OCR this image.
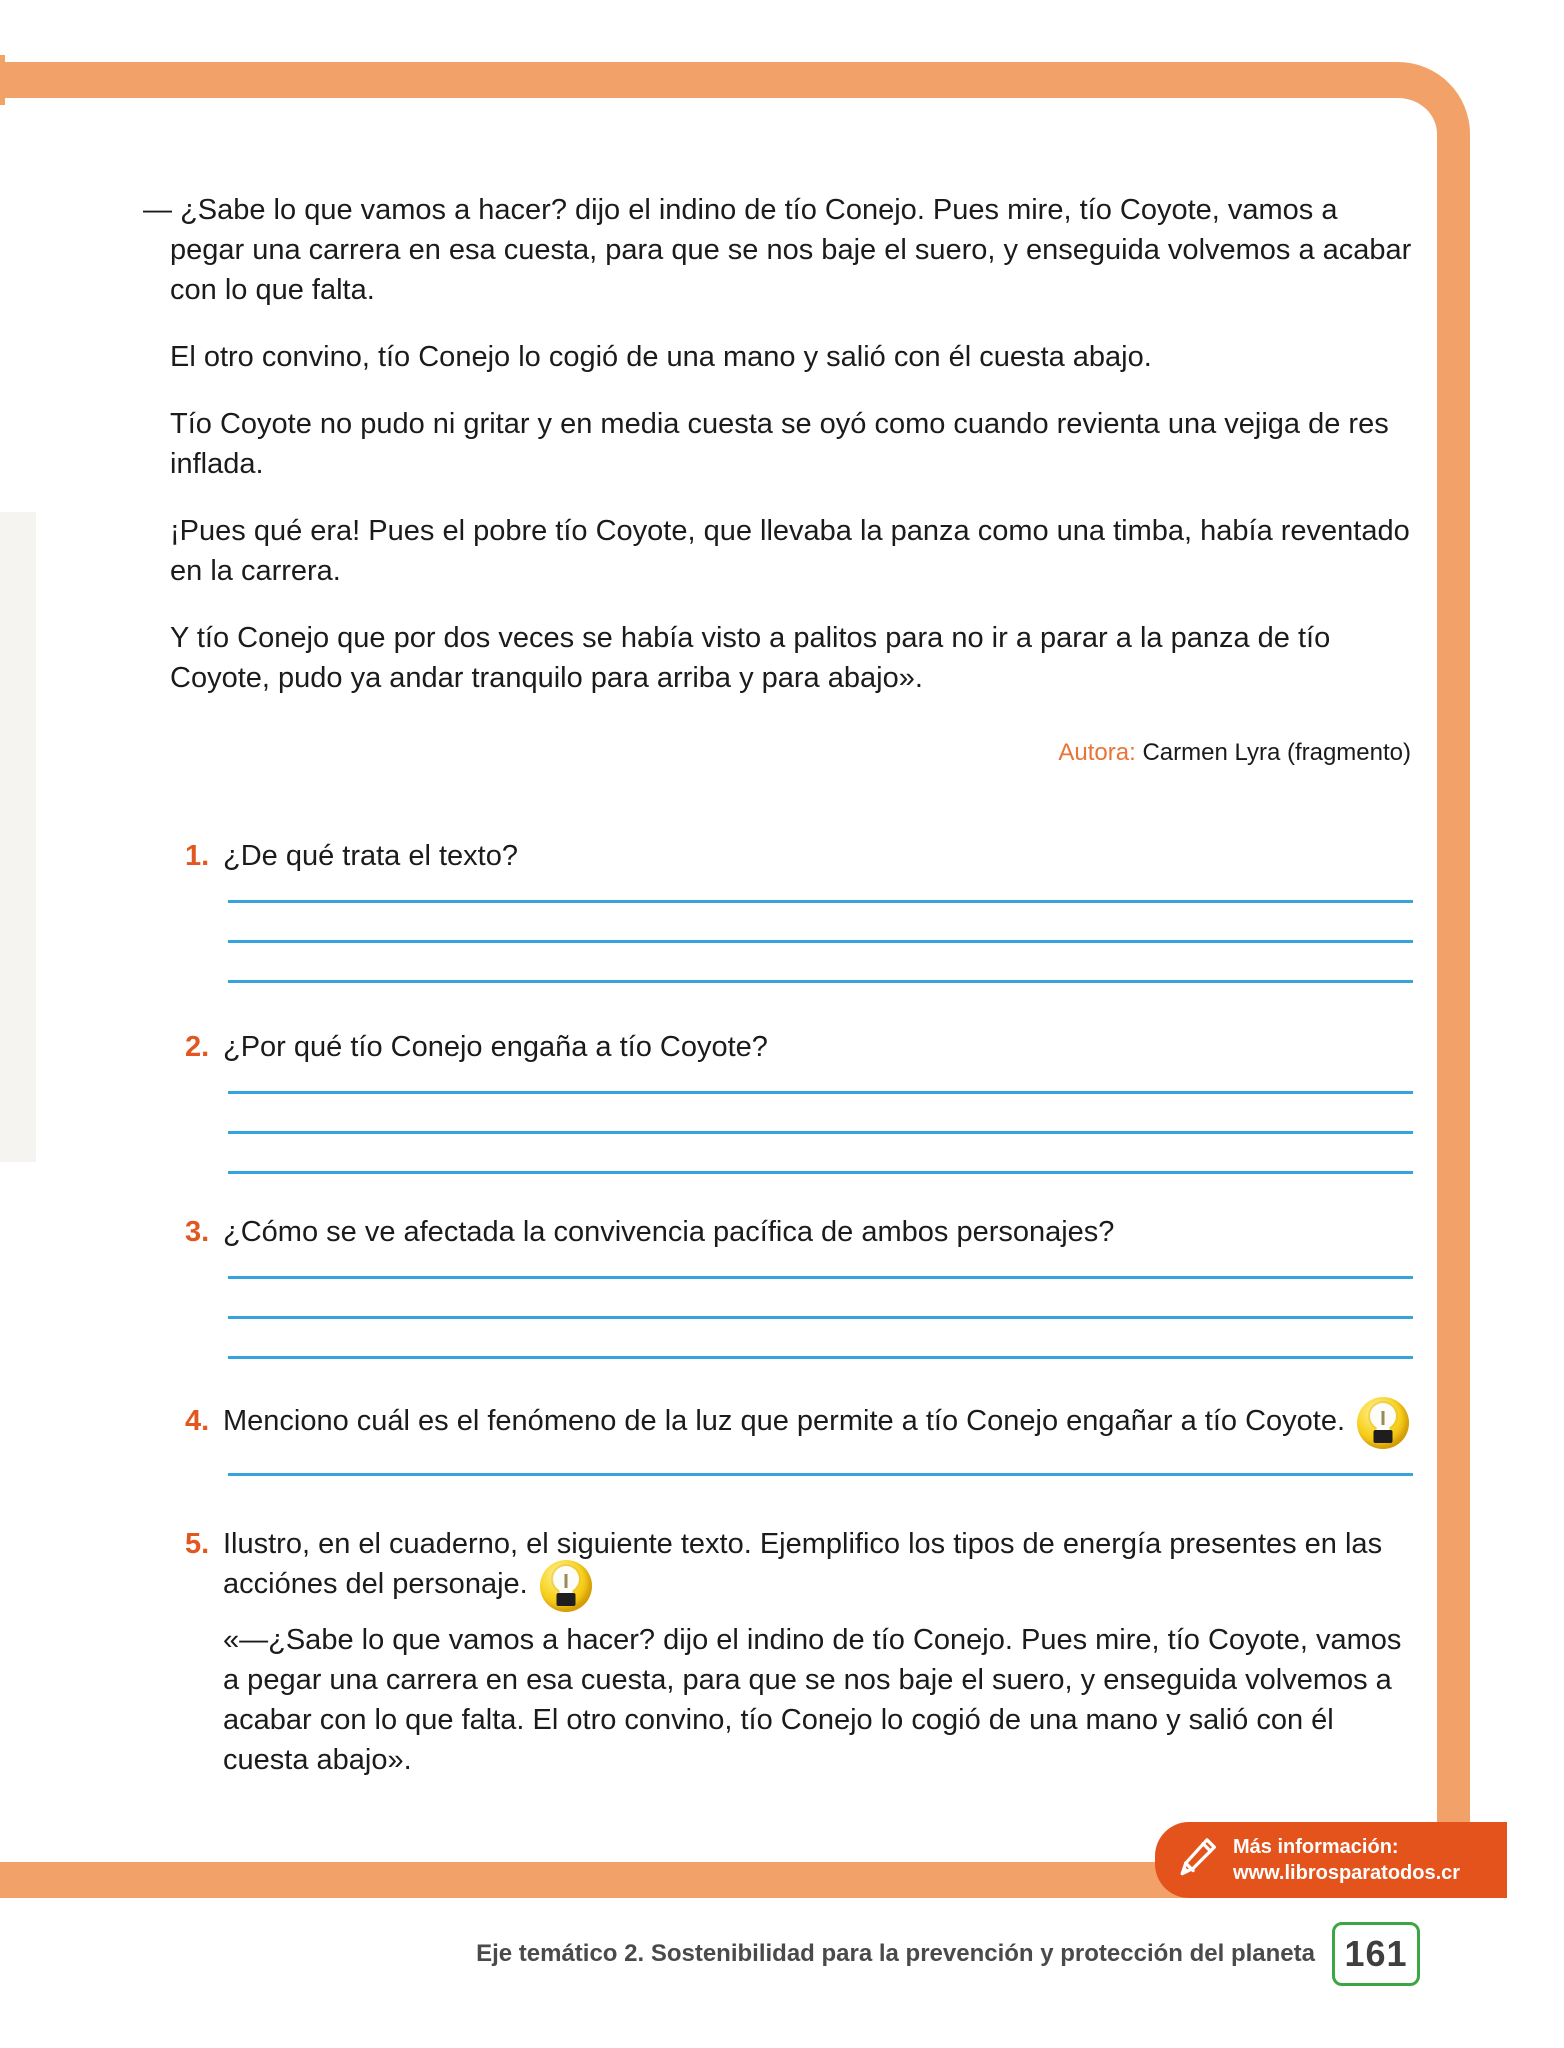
— ¿Sabe lo que vamos a hacer? dijo el indino de tío Conejo. Pues mire, tío Coyote, vamos a pegar una carrera en esa cuesta, para que se nos baje el suero, y enseguida volvemos a acabar con lo que falta.

El otro convino, tío Conejo lo cogió de una mano y salió con él cuesta abajo.

Tío Coyote no pudo ni gritar y en media cuesta se oyó como cuando revienta una vejiga de res inflada.

¡Pues qué era! Pues el pobre tío Coyote, que llevaba la panza como una timba, había reventado en la carrera.

Y tío Conejo que por dos veces se había visto a palitos para no ir a parar a la panza de tío Coyote, pudo ya andar tranquilo para arriba y para abajo».

Autora: Carmen Lyra (fragmento)
1. ¿De qué trata el texto?
2. ¿Por qué tío Conejo engaña a tío Coyote?
3. ¿Cómo se ve afectada la convivencia pacífica de ambos personajes?
4. Menciono cuál es el fenómeno de la luz que permite a tío Conejo engañar a tío Coyote.
5. Ilustro, en el cuaderno, el siguiente texto. Ejemplifico los tipos de energía presentes en las acciónes del personaje.

«—¿Sabe lo que vamos a hacer? dijo el indino de tío Conejo. Pues mire, tío Coyote, vamos a pegar una carrera en esa cuesta, para que se nos baje el suero, y enseguida volvemos a acabar con lo que falta. El otro convino, tío Conejo lo cogió de una mano y salió con él cuesta abajo».

Más información:
www.librosparatodos.cr
Eje temático 2. Sostenibilidad para la prevención y protección del planeta 161
